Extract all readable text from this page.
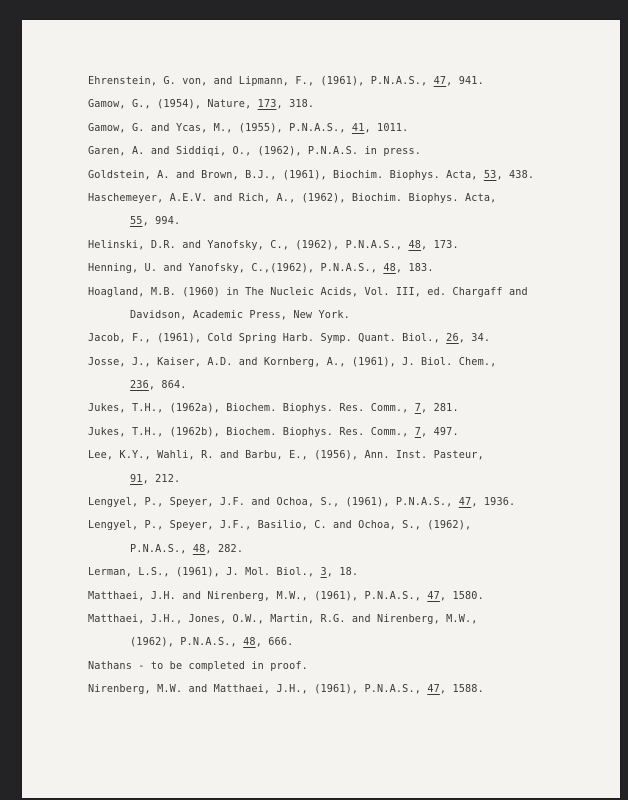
Ehrenstein, G. von, and Lipmann, F., (1961), P.N.A.S., 47, 941.
Gamow, G., (1954), Nature, 173, 318.
Gamow, G. and Ycas, M., (1955), P.N.A.S., 41, 1011.
Garen, A. and Siddiqi, O., (1962), P.N.A.S. in press.
Goldstein, A. and Brown, B.J., (1961), Biochim. Biophys. Acta, 53, 438.
Haschemeyer, A.E.V. and Rich, A., (1962), Biochim. Biophys. Acta,
55, 994.
Helinski, D.R. and Yanofsky, C., (1962), P.N.A.S., 48, 173.
Henning, U. and Yanofsky, C.,(1962), P.N.A.S., 48, 183.
Hoagland, M.B. (1960) in The Nucleic Acids, Vol. III, ed. Chargaff and
Davidson, Academic Press, New York.
Jacob, F., (1961), Cold Spring Harb. Symp. Quant. Biol., 26, 34.
Josse, J., Kaiser, A.D. and Kornberg, A., (1961), J. Biol. Chem.,
236, 864.
Jukes, T.H., (1962a), Biochem. Biophys. Res. Comm., 7, 281.
Jukes, T.H., (1962b), Biochem. Biophys. Res. Comm., 7, 497.
Lee, K.Y., Wahli, R. and Barbu, E., (1956), Ann. Inst. Pasteur,
91, 212.
Lengyel, P., Speyer, J.F. and Ochoa, S., (1961), P.N.A.S., 47, 1936.
Lengyel, P., Speyer, J.F., Basilio, C. and Ochoa, S., (1962),
P.N.A.S., 48, 282.
Lerman, L.S., (1961), J. Mol. Biol., 3, 18.
Matthaei, J.H. and Nirenberg, M.W., (1961), P.N.A.S., 47, 1580.
Matthaei, J.H., Jones, O.W., Martin, R.G. and Nirenberg, M.W.,
(1962), P.N.A.S., 48, 666.
Nathans - to be completed in proof.
Nirenberg, M.W. and Matthaei, J.H., (1961), P.N.A.S., 47, 1588.
